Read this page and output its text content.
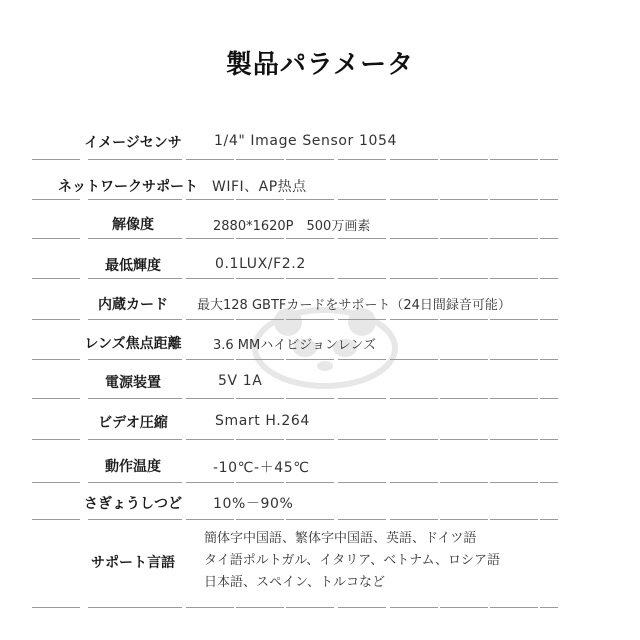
製品パラメータ
イメージセンサ	1/4" Image Sensor 1054
ネットワークサポート	WIFI、AP热点
解像度	2880*1620P　500万画素
最低輝度	0.1LUX/F2.2
内蔵カード	最大128 GBTFカードをサポート（24日間録音可能）
レンズ焦点距離	3.6 MMハイビジョンレンズ
電源装置	5V 1A
ビデオ圧縮	Smart H.264
動作温度	-10℃-＋45℃
さぎょうしつど	10%－90%
サポート言語
簡体字中国語、繁体字中国語、英語、ドイツ語
タイ語ポルトガル、イタリア、ベトナム、ロシア語
日本語、スペイン、トルコなど
